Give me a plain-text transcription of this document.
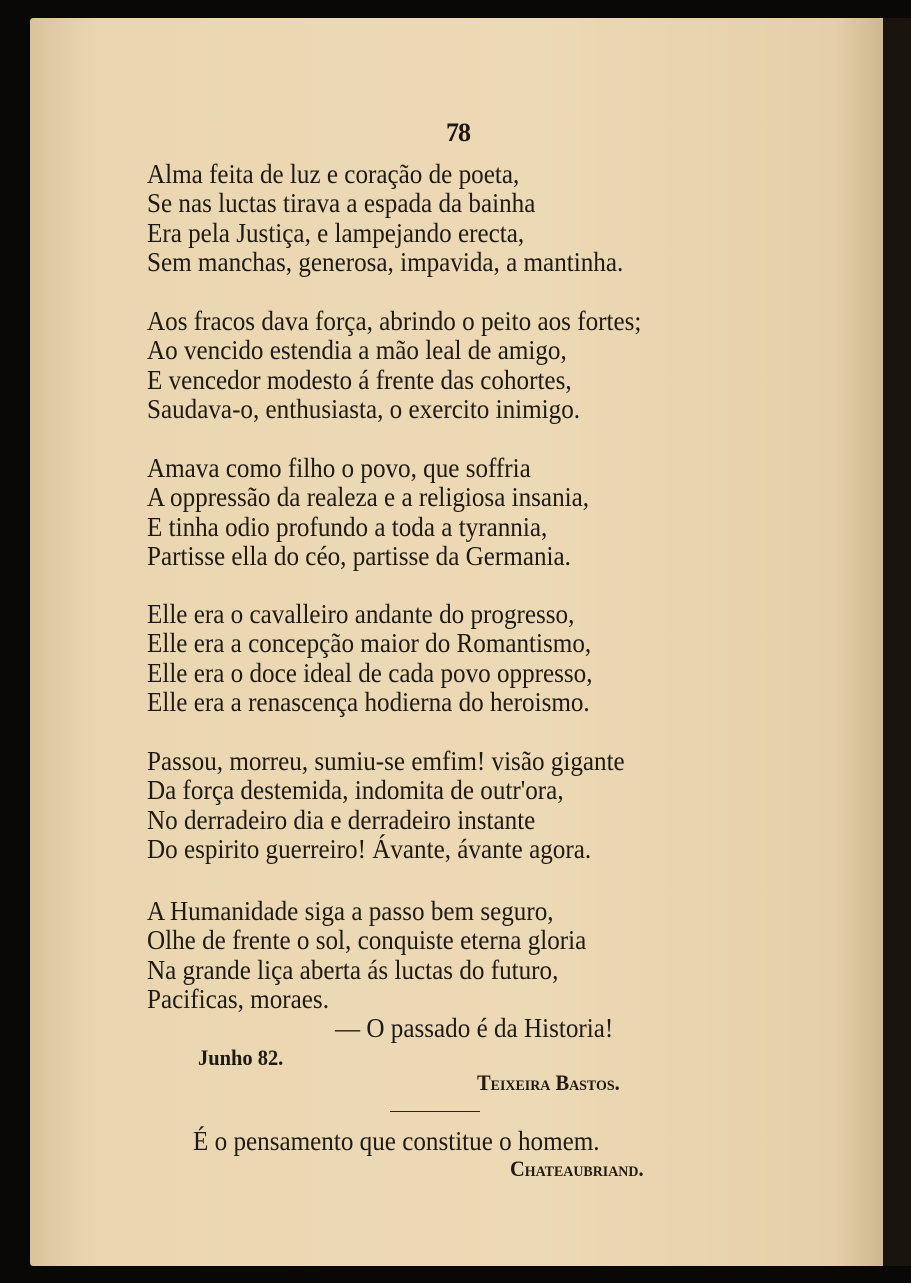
78
Alma feita de luz e coração de poeta,
Se nas luctas tirava a espada da bainha
Era pela Justiça, e lampejando erecta,
Sem manchas, generosa, impavida, a mantinha.
Aos fracos dava força, abrindo o peito aos fortes;
Ao vencido estendia a mão leal de amigo,
E vencedor modesto á frente das cohortes,
Saudava-o, enthusiasta, o exercito inimigo.
Amava como filho o povo, que soffria
A oppressão da realeza e a religiosa insania,
E tinha odio profundo a toda a tyrannia,
Partisse ella do céo, partisse da Germania.
Elle era o cavalleiro andante do progresso,
Elle era a concepção maior do Romantismo,
Elle era o doce ideal de cada povo oppresso,
Elle era a renascença hodierna do heroismo.
Passou, morreu, sumiu-se emfim! visão gigante
Da força destemida, indomita de outr'ora,
No derradeiro dia e derradeiro instante
Do espirito guerreiro! Ávante, ávante agora.
A Humanidade siga a passo bem seguro,
Olhe de frente o sol, conquiste eterna gloria
Na grande liça aberta ás luctas do futuro,
Pacificas, moraes.
— O passado é da Historia!
Junho 82.
Teixeira Bastos.
É o pensamento que constitue o homem.
Chateaubriand.
